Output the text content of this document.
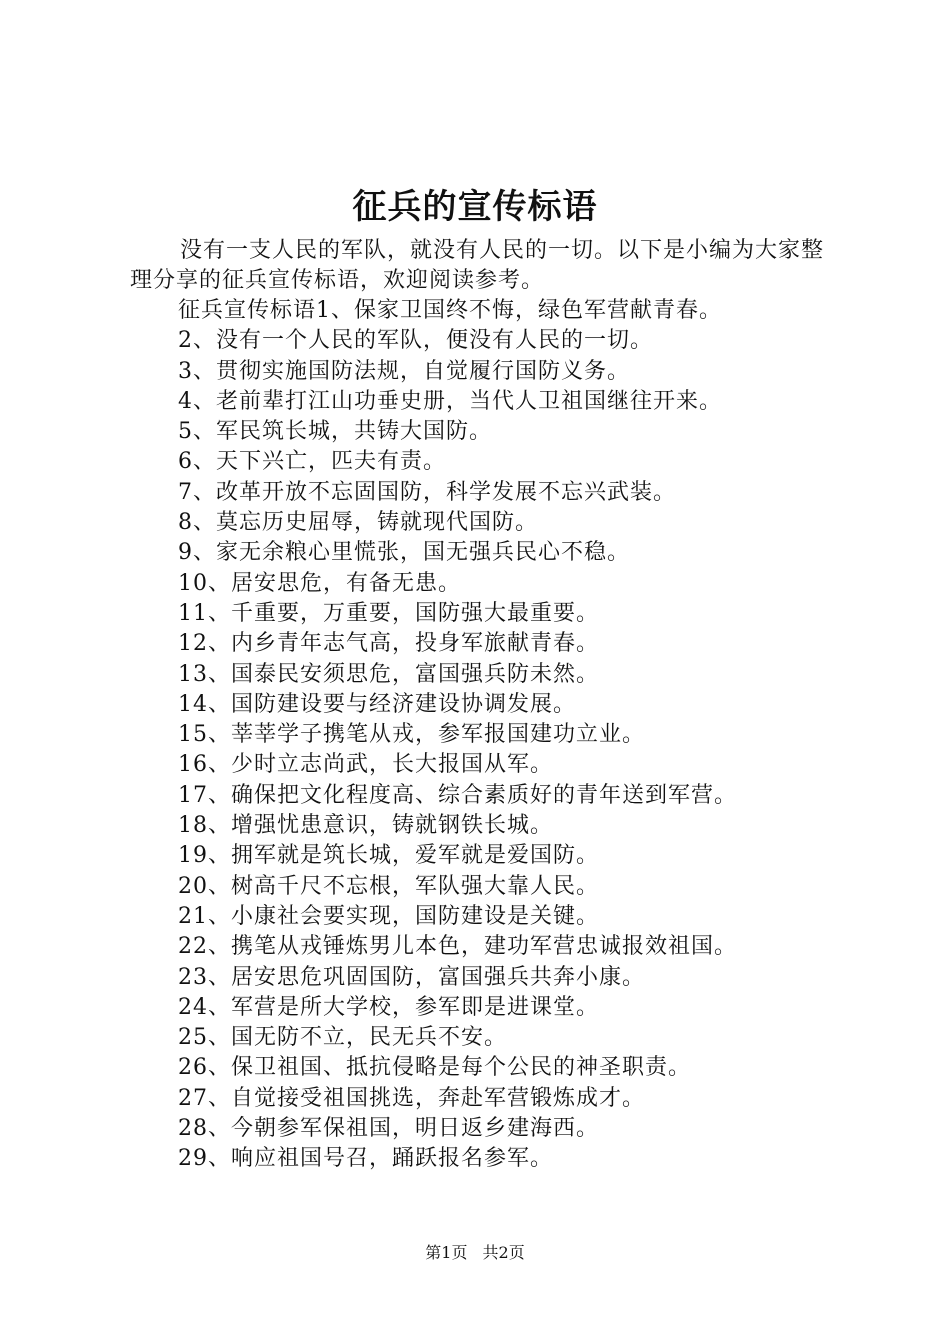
征兵的宣传标语
没有一支人民的军队，就没有人民的一切。以下是小编为大家整理分享的征兵宣传标语，欢迎阅读参考。
征兵宣传标语1、保家卫国终不悔，绿色军营献青春。
2、没有一个人民的军队，便没有人民的一切。
3、贯彻实施国防法规，自觉履行国防义务。
4、老前辈打江山功垂史册，当代人卫祖国继往开来。
5、军民筑长城，共铸大国防。
6、天下兴亡，匹夫有责。
7、改革开放不忘固国防，科学发展不忘兴武装。
8、莫忘历史屈辱，铸就现代国防。
9、家无余粮心里慌张，国无强兵民心不稳。
10、居安思危，有备无患。
11、千重要，万重要，国防强大最重要。
12、内乡青年志气高，投身军旅献青春。
13、国泰民安须思危，富国强兵防未然。
14、国防建设要与经济建设协调发展。
15、莘莘学子携笔从戎，参军报国建功立业。
16、少时立志尚武，长大报国从军。
17、确保把文化程度高、综合素质好的青年送到军营。
18、增强忧患意识，铸就钢铁长城。
19、拥军就是筑长城，爱军就是爱国防。
20、树高千尺不忘根，军队强大靠人民。
21、小康社会要实现，国防建设是关键。
22、携笔从戎锤炼男儿本色，建功军营忠诚报效祖国。
23、居安思危巩固国防，富国强兵共奔小康。
24、军营是所大学校，参军即是进课堂。
25、国无防不立，民无兵不安。
26、保卫祖国、抵抗侵略是每个公民的神圣职责。
27、自觉接受祖国挑选，奔赴军营锻炼成才。
28、今朝参军保祖国，明日返乡建海西。
29、响应祖国号召，踊跃报名参军。
第1页 共2页
